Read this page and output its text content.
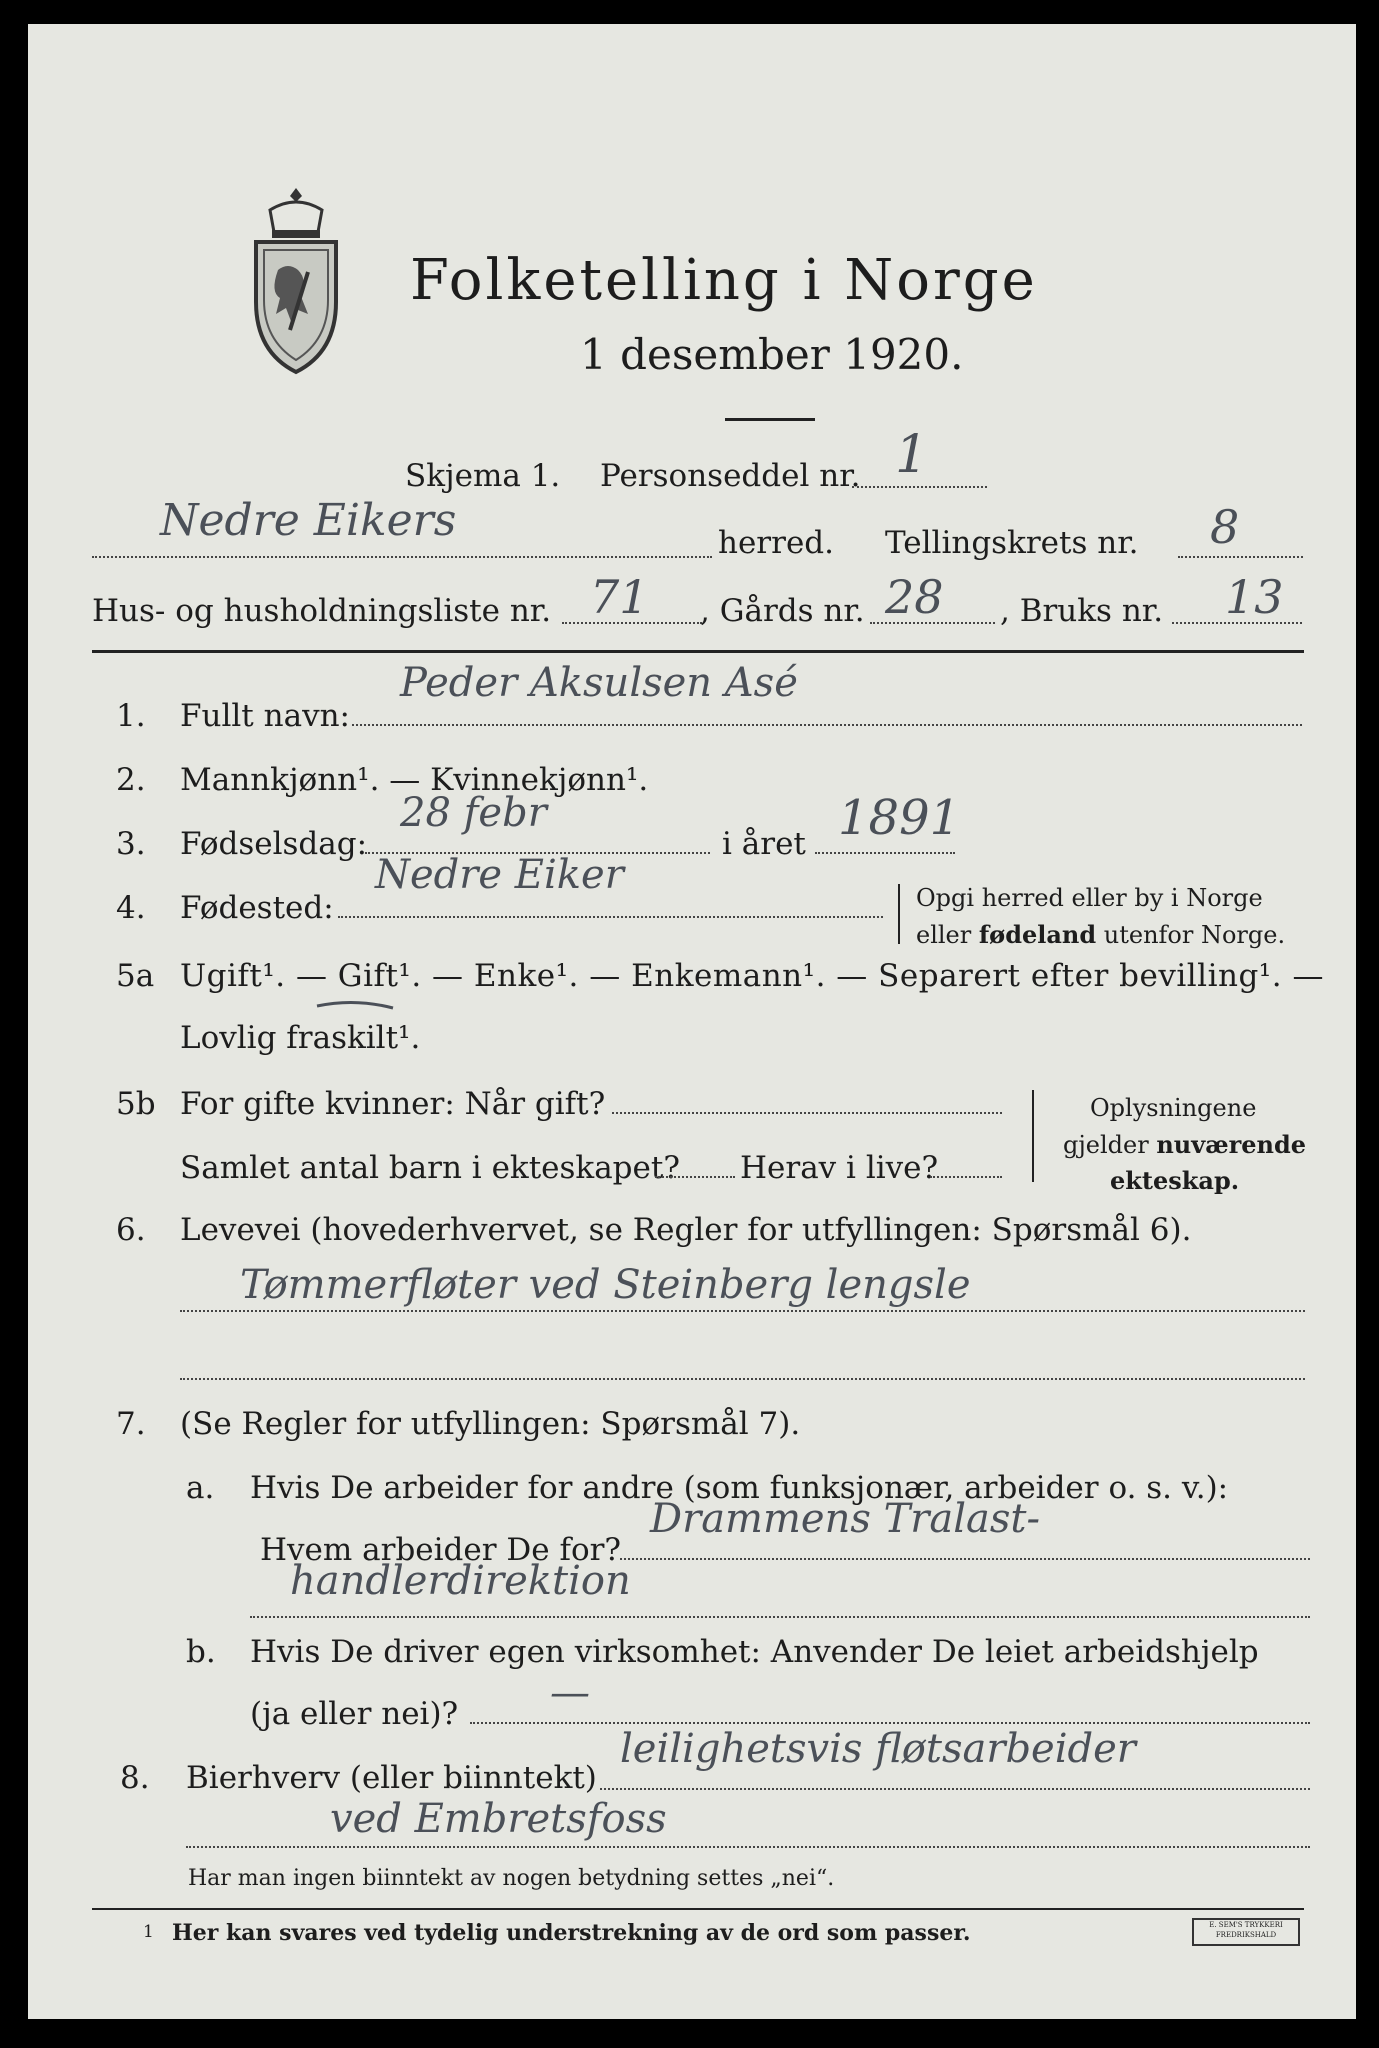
Folketelling i Norge
1 desember 1920.
Skjema 1. Personseddel nr. 1
Nedre Eikers	herred. Tellingskrets nr. 8
Hus- og husholdningsliste nr. 71 , Gårds nr. 28 , Bruks nr. 13
1. Fullt navn:
Peder Aksulsen Asé
2. Mannkjønn¹. — Kvinnekjønn¹.
3. Fødselsdag:
28 febr
i året 1891
4. Fødested:
Nedre Eiker	Opgi herred eller by i Norge
eller fødeland utenfor Norge.
5a Ugift¹. — Gift¹. — Enke¹. — Enkemann¹. — Separert efter bevilling¹. —
Lovlig fraskilt¹.
5b For gifte kvinner: Når gift?
Samlet antal barn i ekteskapet? Herav i live?
Oplysningene
gjelder nuværende
ekteskap.
6. Levevei (hovederhvervet, se Regler for utfyllingen: Spørsmål 6).
Tømmerfløter ved Steinberg lengsle
7. (Se Regler for utfyllingen: Spørsmål 7).
a. Hvis De arbeider for andre (som funksjonær, arbeider o. s. v.):
Hvem arbeider De for?
Drammens Tralast-
handlerdirektion
b. Hvis De driver egen virksomhet: Anvender De leiet arbeidshjelp
(ja eller nei)? —
8. Bierhverv (eller biinntekt)
leilighetsvis fløtsarbeider
ved Embretsfoss
Har man ingen biinntekt av nogen betydning settes „nei“.
1 Her kan svares ved tydelig understrekning av de ord som passer.	E. SEM'S TRYKKERI FREDRIKSHALD
